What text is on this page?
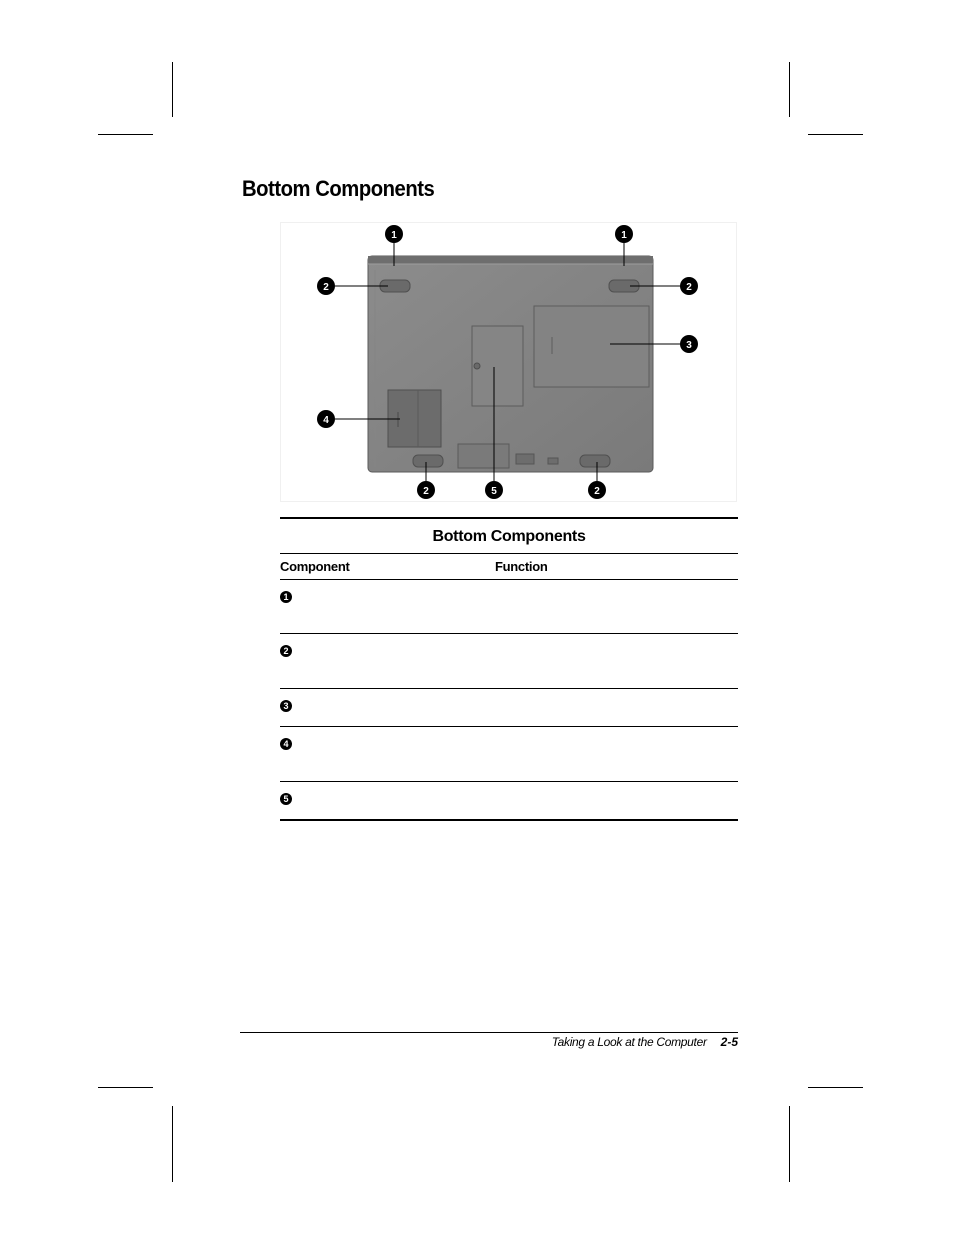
Bottom Components
1	1
2	2
3
4
2	5	2
Bottom Components
Component	Function
1
2
3
4
5
Taking a Look at the Computer 2-5
